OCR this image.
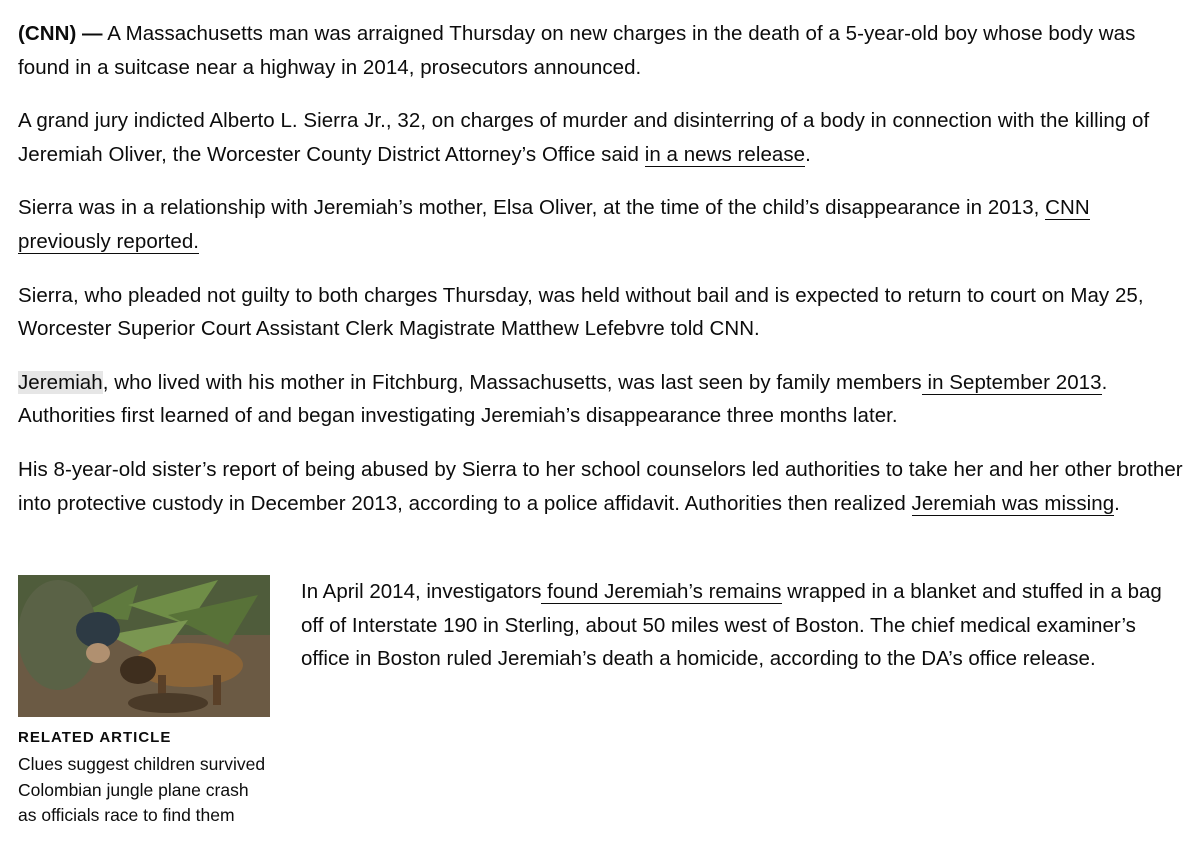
(CNN) — A Massachusetts man was arraigned Thursday on new charges in the death of a 5-year-old boy whose body was found in a suitcase near a highway in 2014, prosecutors announced.

A grand jury indicted Alberto L. Sierra Jr., 32, on charges of murder and disinterring of a body in connection with the killing of Jeremiah Oliver, the Worcester County District Attorney’s Office said in a news release.

Sierra was in a relationship with Jeremiah’s mother, Elsa Oliver, at the time of the child’s disappearance in 2013, CNN previously reported.

Sierra, who pleaded not guilty to both charges Thursday, was held without bail and is expected to return to court on May 25, Worcester Superior Court Assistant Clerk Magistrate Matthew Lefebvre told CNN.

Jeremiah, who lived with his mother in Fitchburg, Massachusetts, was last seen by family members in September 2013. Authorities first learned of and began investigating Jeremiah’s disappearance three months later.

His 8-year-old sister’s report of being abused by Sierra to her school counselors led authorities to take her and her other brother into protective custody in December 2013, according to a police affidavit. Authorities then realized Jeremiah was missing.

RELATED ARTICLE
Clues suggest children survived Colombian jungle plane crash as officials race to find them

In April 2014, investigators found Jeremiah’s remains wrapped in a blanket and stuffed in a bag off of Interstate 190 in Sterling, about 50 miles west of Boston. The chief medical examiner’s office in Boston ruled Jeremiah’s death a homicide, according to the DA’s office release.
